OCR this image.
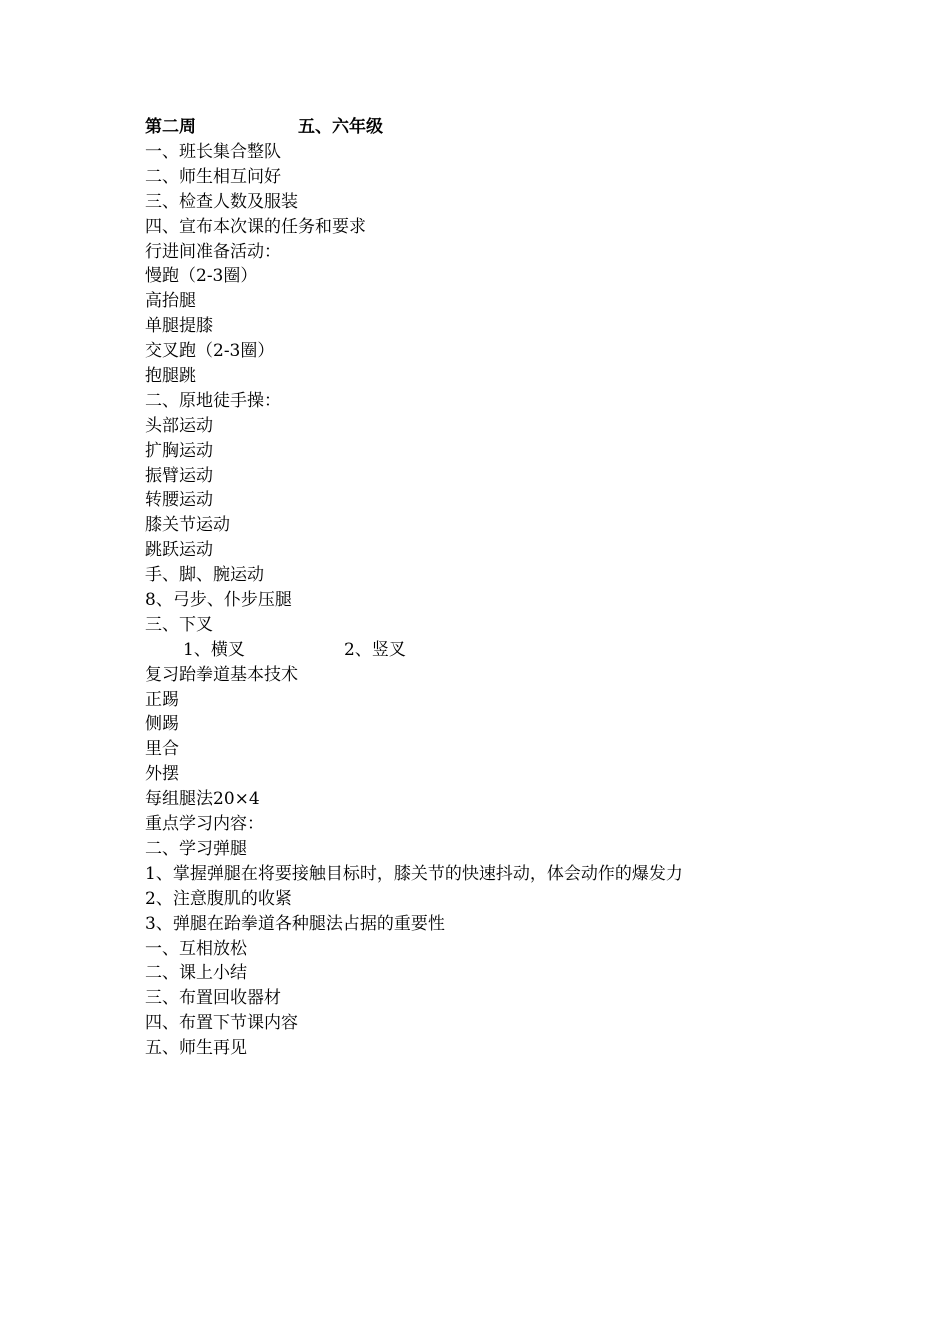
第二周	五、六年级
一、班长集合整队
二、师生相互问好
三、检查人数及服装
四、宣布本次课的任务和要求
行进间准备活动：
慢跑（2-3圈）
高抬腿
单腿提膝
交叉跑（2-3圈）
抱腿跳
二、原地徒手操：
头部运动
扩胸运动
振臂运动
转腰运动
膝关节运动
跳跃运动
手、脚、腕运动
8、弓步、仆步压腿
三、下叉
1、横叉	2、竖叉
复习跆拳道基本技术
正踢
侧踢
里合
外摆
每组腿法20×4
重点学习内容：
二、学习弹腿
1、掌握弹腿在将要接触目标时，膝关节的快速抖动，体会动作的爆发力
2、注意腹肌的收紧
3、弹腿在跆拳道各种腿法占据的重要性
一、互相放松
二、课上小结
三、布置回收器材
四、布置下节课内容
五、师生再见
